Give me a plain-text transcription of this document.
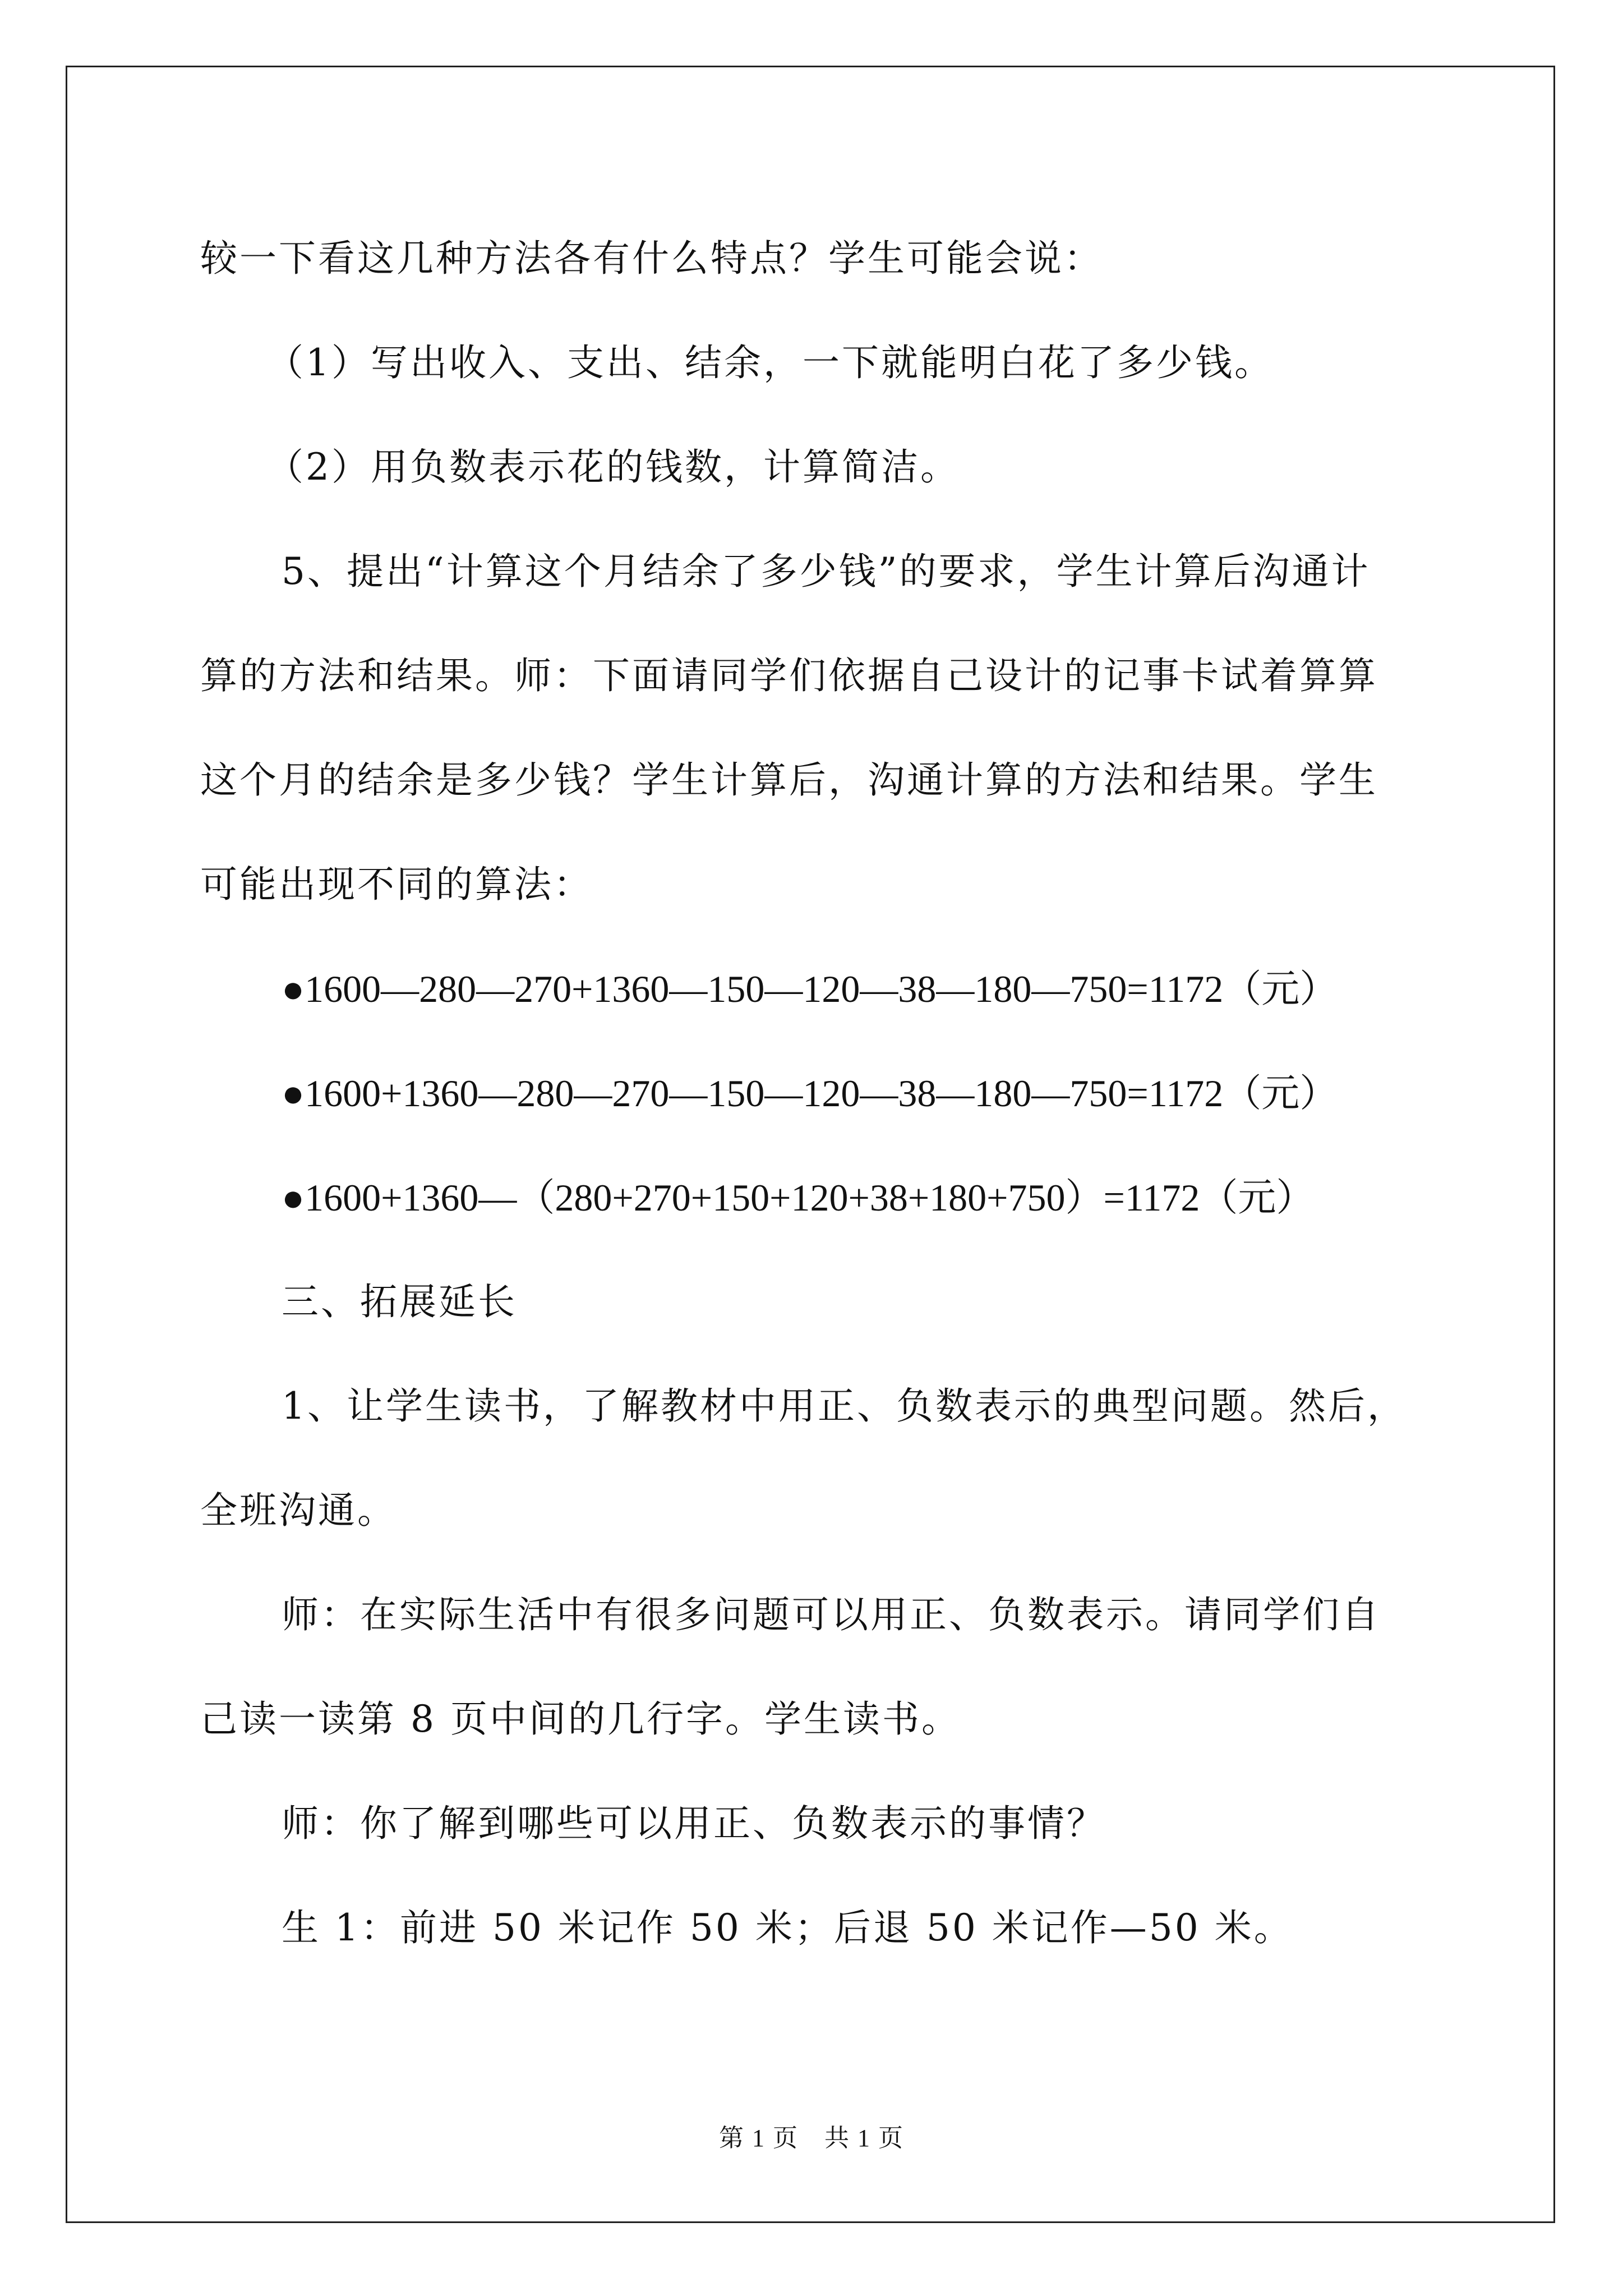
较一下看这几种方法各有什么特点？学生可能会说：
（1）写出收入、支出、结余，一下就能明白花了多少钱。
（2）用负数表示花的钱数，计算简洁。
5、提出“计算这个月结余了多少钱”的要求，学生计算后沟通计
算的方法和结果。师：下面请同学们依据自己设计的记事卡试着算算
这个月的结余是多少钱？学生计算后，沟通计算的方法和结果。学生
可能出现不同的算法：
●1600—280—270+1360—150—120—38—180—750=1172（元）
●1600+1360—280—270—150—120—38—180—750=1172（元）
●1600+1360—（280+270+150+120+38+180+750）=1172（元）
三、拓展延长
1、让学生读书，了解教材中用正、负数表示的典型问题。然后，
全班沟通。
师：在实际生活中有很多问题可以用正、负数表示。请同学们自
己读一读第 8 页中间的几行字。学生读书。
师：你了解到哪些可以用正、负数表示的事情？
生 1：前进 50 米记作 50 米；后退 50 米记作—50 米。
第 1 页　共 1 页
